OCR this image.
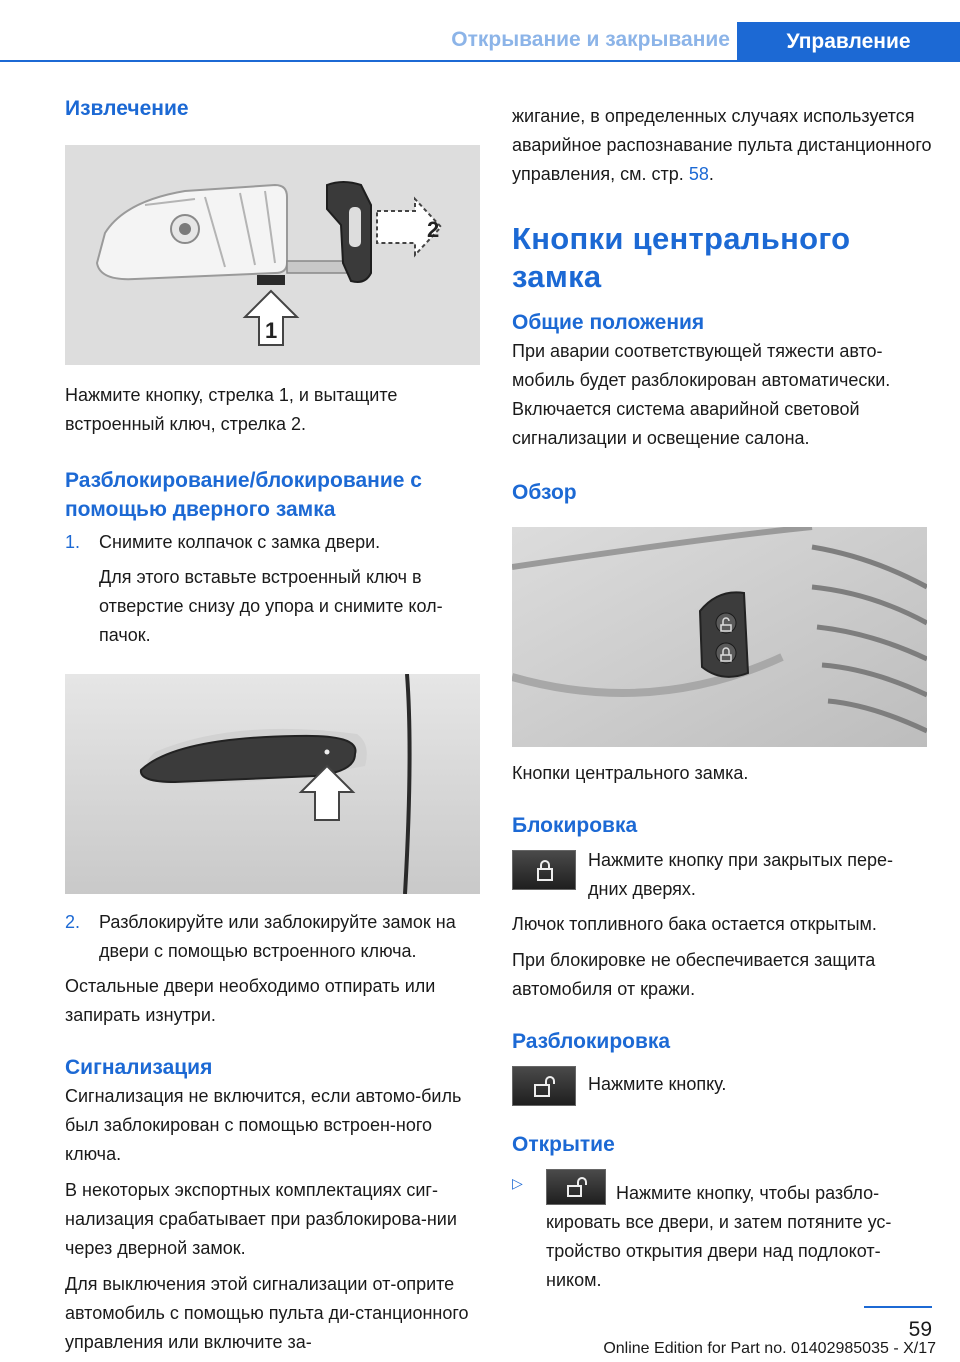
Открывание и закрывание	Управление
Извлечение
2
1
Нажмите кнопку, стрелка 1, и вытащите встроенный ключ, стрелка 2.
Разблокирование/блокирование с помощью дверного замка
1. Снимите колпачок с замка двери.
Для этого вставьте встроенный ключ в отверстие снизу до упора и снимите кол-пачок.
2. Разблокируйте или заблокируйте замок на двери с помощью встроенного ключа.
Остальные двери необходимо отпирать или запирать изнутри.
Сигнализация
Сигнализация не включится, если автомо-биль был заблокирован с помощью встроен-ного ключа.
В некоторых экспортных комплектациях сиг-нализация срабатывает при разблокирова-нии через дверной замок.
Для выключения этой сигнализации от-оприте автомобиль с помощью пульта ди-станционного управления или включите за-
жигание, в определенных случаях используется аварийное распознавание пульта дистанционного управления, см. стр. 58.
Кнопки центрального замка
Общие положения
При аварии соответствующей тяжести авто-мобиль будет разблокирован автоматически. Включается система аварийной световой сигнализации и освещение салона.
Обзор
Кнопки центрального замка.
Блокировка
Нажмите кнопку при закрытых пере-дних дверях.
Лючок топливного бака остается открытым.
При блокировке не обеспечивается защита автомобиля от кражи.
Разблокировка
Нажмите кнопку.
Открытие
▷	Нажмите кнопку, чтобы разбло-кировать все двери, и затем потяните ус-тройство открытия двери над подлокот-ником.
59
Online Edition for Part no. 01402985035 - X/17
